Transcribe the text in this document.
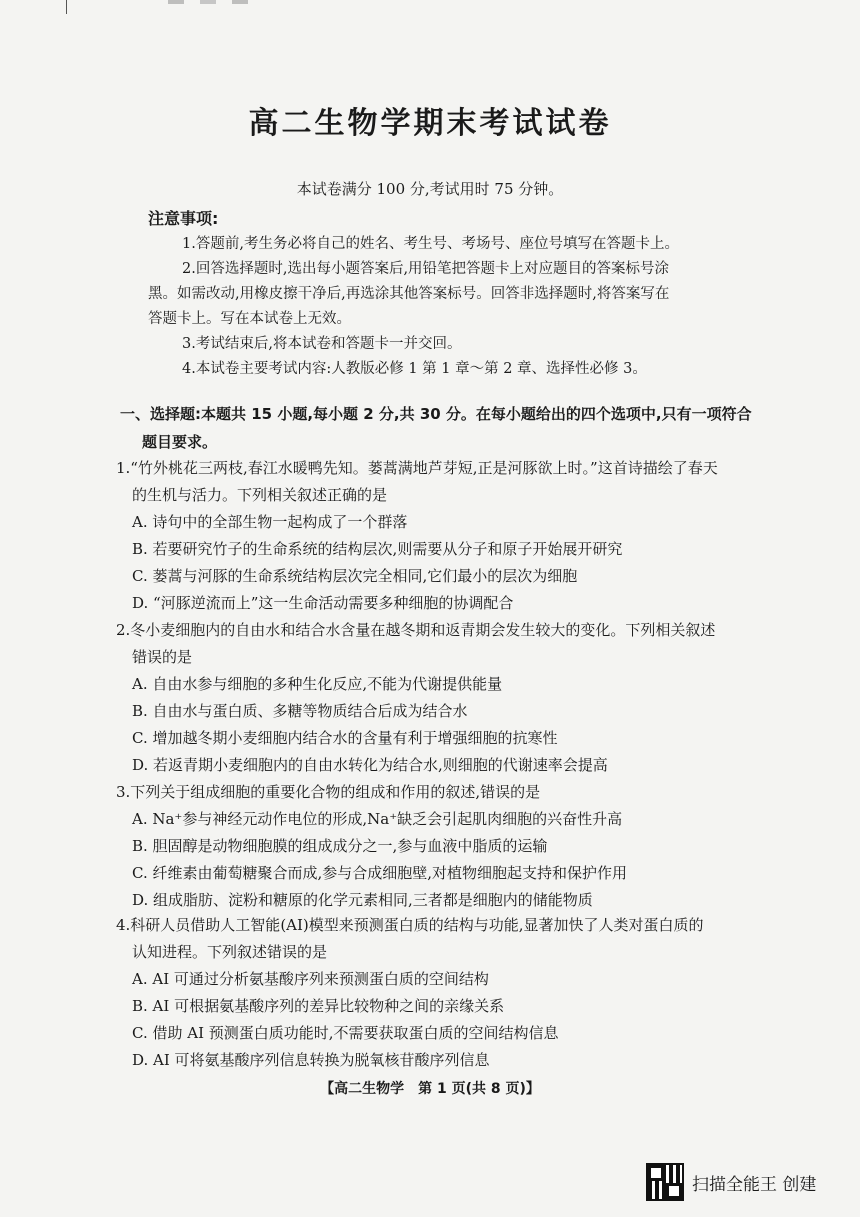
高二生物学期末考试试卷
本试卷满分 100 分,考试用时 75 分钟。
注意事项:
1.答题前,考生务必将自己的姓名、考生号、考场号、座位号填写在答题卡上。
2.回答选择题时,选出每小题答案后,用铅笔把答题卡上对应题目的答案标号涂
黑。如需改动,用橡皮擦干净后,再选涂其他答案标号。回答非选择题时,将答案写在
答题卡上。写在本试卷上无效。
3.考试结束后,将本试卷和答题卡一并交回。
4.本试卷主要考试内容:人教版必修 1 第 1 章～第 2 章、选择性必修 3。
一、选择题:本题共 15 小题,每小题 2 分,共 30 分。在每小题给出的四个选项中,只有一项符合
题目要求。
1.“竹外桃花三两枝,春江水暖鸭先知。蒌蒿满地芦芽短,正是河豚欲上时。”这首诗描绘了春天
的生机与活力。下列相关叙述正确的是
A. 诗句中的全部生物一起构成了一个群落
B. 若要研究竹子的生命系统的结构层次,则需要从分子和原子开始展开研究
C. 蒌蒿与河豚的生命系统结构层次完全相同,它们最小的层次为细胞
D. “河豚逆流而上”这一生命活动需要多种细胞的协调配合
2.冬小麦细胞内的自由水和结合水含量在越冬期和返青期会发生较大的变化。下列相关叙述
错误的是
A. 自由水参与细胞的多种生化反应,不能为代谢提供能量
B. 自由水与蛋白质、多糖等物质结合后成为结合水
C. 增加越冬期小麦细胞内结合水的含量有利于增强细胞的抗寒性
D. 若返青期小麦细胞内的自由水转化为结合水,则细胞的代谢速率会提高
3.下列关于组成细胞的重要化合物的组成和作用的叙述,错误的是
A. Na⁺参与神经元动作电位的形成,Na⁺缺乏会引起肌肉细胞的兴奋性升高
B. 胆固醇是动物细胞膜的组成成分之一,参与血液中脂质的运输
C. 纤维素由葡萄糖聚合而成,参与合成细胞壁,对植物细胞起支持和保护作用
D. 组成脂肪、淀粉和糖原的化学元素相同,三者都是细胞内的储能物质
4.科研人员借助人工智能(AI)模型来预测蛋白质的结构与功能,显著加快了人类对蛋白质的
认知进程。下列叙述错误的是
A. AI 可通过分析氨基酸序列来预测蛋白质的空间结构
B. AI 可根据氨基酸序列的差异比较物种之间的亲缘关系
C. 借助 AI 预测蛋白质功能时,不需要获取蛋白质的空间结构信息
D. AI 可将氨基酸序列信息转换为脱氧核苷酸序列信息
【高二生物学　第 1 页(共 8 页)】
扫描全能王 创建
